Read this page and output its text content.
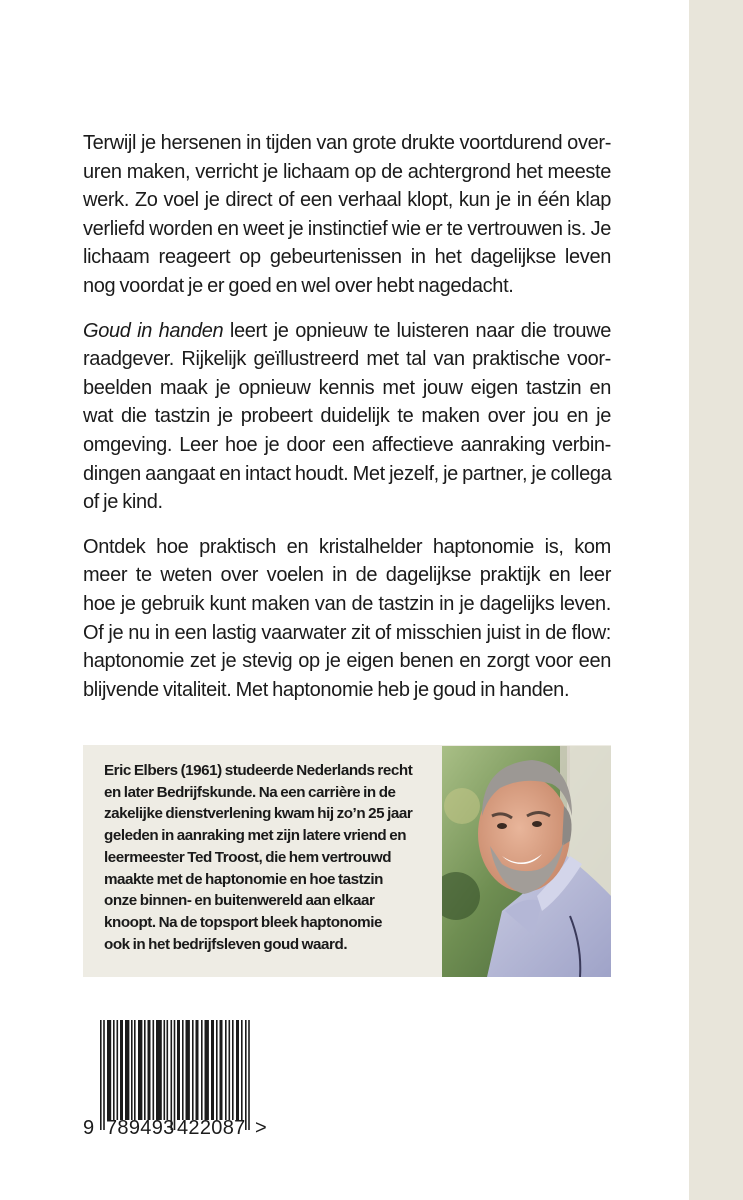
Terwijl je hersenen in tijden van grote drukte voortdurend over-
uren maken, verricht je lichaam op de achtergrond het meeste
werk. Zo voel je direct of een verhaal klopt, kun je in één klap
verliefd worden en weet je instinctief wie er te vertrouwen is. Je
lichaam reageert op gebeurtenissen in het dagelijkse leven
nog voordat je er goed en wel over hebt nagedacht.
Goud in handen leert je opnieuw te luisteren naar die trouwe
raadgever. Rijkelijk geïllustreerd met tal van praktische voor-
beelden maak je opnieuw kennis met jouw eigen tastzin en
wat die tastzin je probeert duidelijk te maken over jou en je
omgeving. Leer hoe je door een affectieve aanraking verbin-
dingen aangaat en intact houdt. Met jezelf, je partner, je collega
of je kind.
Ontdek hoe praktisch en kristalhelder haptonomie is, kom
meer te weten over voelen in de dagelijkse praktijk en leer
hoe je gebruik kunt maken van de tastzin in je dagelijks leven.
Of je nu in een lastig vaarwater zit of misschien juist in de flow:
haptonomie zet je stevig op je eigen benen en zorgt voor een
blijvende vitaliteit. Met haptonomie heb je goud in handen.
Eric Elbers (1961) studeerde Nederlands recht
en later Bedrijfskunde. Na een carrière in de
zakelijke dienstverlening kwam hij zo’n 25 jaar
geleden in aanraking met zijn latere vriend en
leermeester Ted Troost, die hem vertrouwd
maakte met de haptonomie en hoe tastzin
onze binnen- en buitenwereld aan elkaar
knoopt. Na de topsport bleek haptonomie
ook in het bedrijfsleven goud waard.
9 789493 422087 >
